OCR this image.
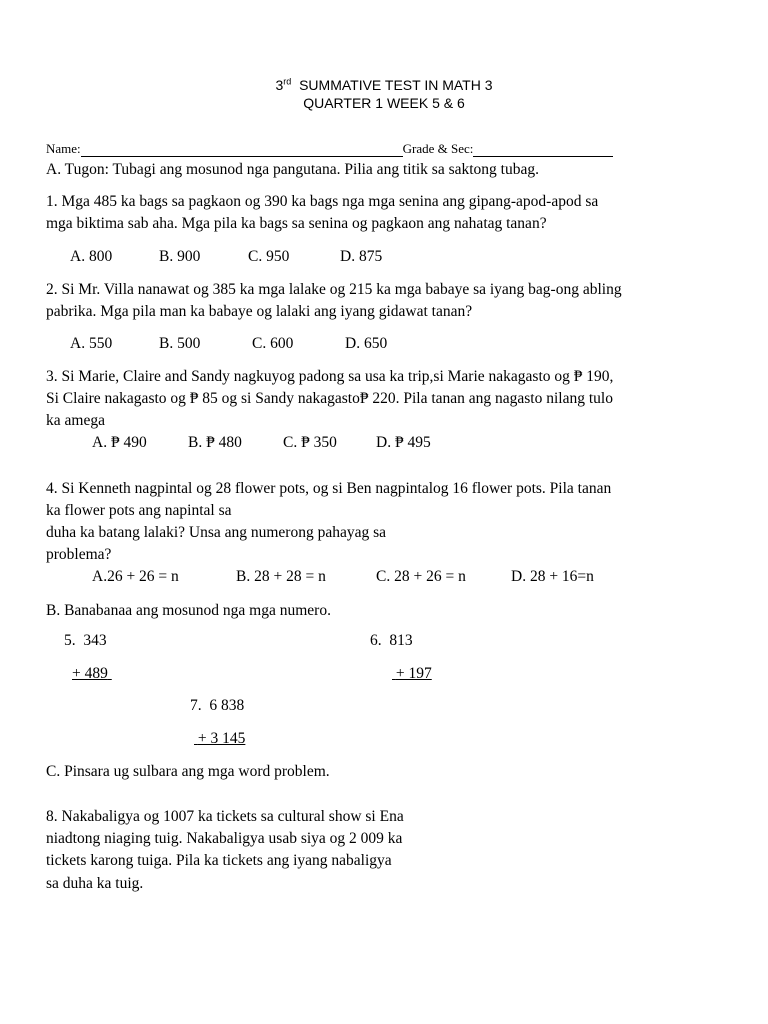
3rd SUMMATIVE TEST IN MATH 3
QUARTER 1 WEEK 5 & 6
Name:	Grade & Sec:
A. Tugon: Tubagi ang mosunod nga pangutana. Pilia ang titik sa saktong tubag.
1. Mga 485 ka bags sa pagkaon og 390 ka bags nga mga senina ang gipang-apod-apod sa
mga biktima sab aha. Mga pila ka bags sa senina og pagkaon ang nahatag tanan?
A. 800	B. 900	C. 950	D. 875
2. Si Mr. Villa nanawat og 385 ka mga lalake og 215 ka mga babaye sa iyang bag-ong abling
pabrika. Mga pila man ka babaye og lalaki ang iyang gidawat tanan?
A. 550	B. 500	C. 600	D. 650
3. Si Marie, Claire and Sandy nagkuyog padong sa usa ka trip,si Marie nakagasto og ₱ 190,
Si Claire nakagasto og ₱ 85 og si Sandy nakagasto₱ 220. Pila tanan ang nagasto nilang tulo
ka amega
A. ₱ 490	B. ₱ 480	C. ₱ 350	D. ₱ 495
4. Si Kenneth nagpintal og 28 flower pots, og si Ben nagpintalog 16 flower pots. Pila tanan
ka flower pots ang napintal sa
duha ka batang lalaki? Unsa ang numerong pahayag sa
problema?
A.26 + 26 = n	B. 28 + 28 = n	C. 28 + 26 = n	D. 28 + 16=n
B. Banabanaa ang mosunod nga mga numero.
5. 343
+ 489
6. 813
+ 197
7. 6 838
+ 3 145
C. Pinsara ug sulbara ang mga word problem.
8. Nakabaligya og 1007 ka tickets sa cultural show si Ena
niadtong niaging tuig. Nakabaligya usab siya og 2 009 ka
tickets karong tuiga. Pila ka tickets ang iyang nabaligya
sa duha ka tuig.
